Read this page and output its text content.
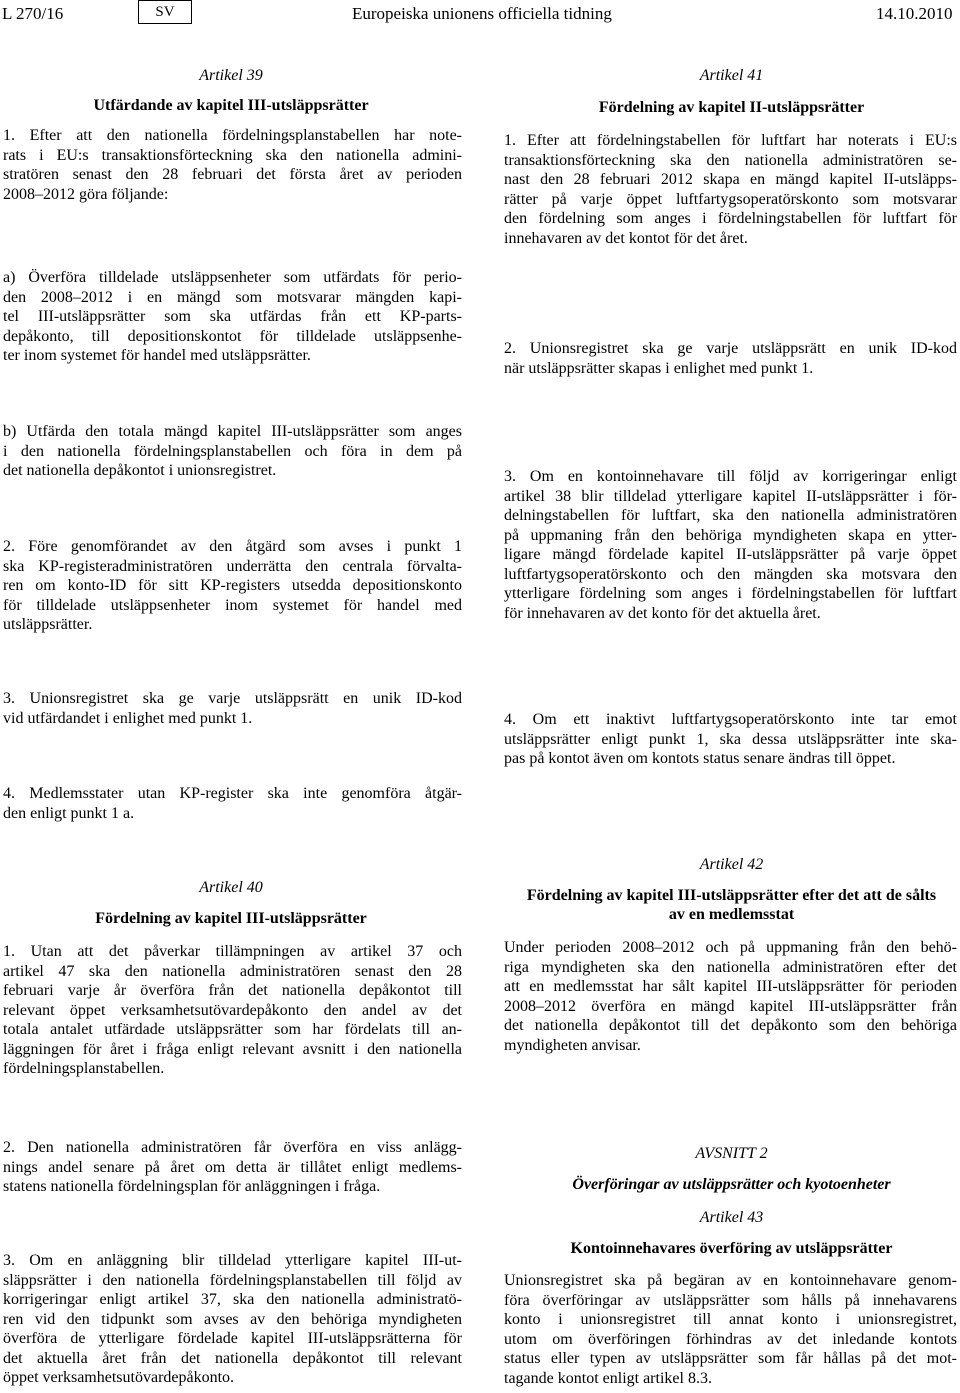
L 270/16	SV	Europeiska unionens officiella tidning	14.10.2010
Artikel 39
Utfärdande av kapitel III-utsläppsrätter
1. Efter att den nationella fördelningsplanstabellen har note-
rats i EU:s transaktionsförteckning ska den nationella admini-
stratören senast den 28 februari det första året av perioden
2008–2012 göra följande:
a) Överföra tilldelade utsläppsenheter som utfärdats för perio-
den 2008–2012 i en mängd som motsvarar mängden kapi-
tel III-utsläppsrätter som ska utfärdas från ett KP-parts-
depåkonto, till depositionskontot för tilldelade utsläppsenhe-
ter inom systemet för handel med utsläppsrätter.
b) Utfärda den totala mängd kapitel III-utsläppsrätter som anges
i den nationella fördelningsplanstabellen och föra in dem på
det nationella depåkontot i unionsregistret.
2. Före genomförandet av den åtgärd som avses i punkt 1
ska KP-registeradministratören underrätta den centrala förvalta-
ren om konto-ID för sitt KP-registers utsedda depositionskonto
för tilldelade utsläppsenheter inom systemet för handel med
utsläppsrätter.
3. Unionsregistret ska ge varje utsläppsrätt en unik ID-kod
vid utfärdandet i enlighet med punkt 1.
4. Medlemsstater utan KP-register ska inte genomföra åtgär-
den enligt punkt 1 a.
Artikel 40
Fördelning av kapitel III-utsläppsrätter
1. Utan att det påverkar tillämpningen av artikel 37 och
artikel 47 ska den nationella administratören senast den 28
februari varje år överföra från det nationella depåkontot till
relevant öppet verksamhetsutövardepåkonto den andel av det
totala antalet utfärdade utsläppsrätter som har fördelats till an-
läggningen för året i fråga enligt relevant avsnitt i den nationella
fördelningsplanstabellen.
2. Den nationella administratören får överföra en viss anlägg-
nings andel senare på året om detta är tillåtet enligt medlems-
statens nationella fördelningsplan för anläggningen i fråga.
3. Om en anläggning blir tilldelad ytterligare kapitel III-ut-
släppsrätter i den nationella fördelningsplanstabellen till följd av
korrigeringar enligt artikel 37, ska den nationella administratö-
ren vid den tidpunkt som avses av den behöriga myndigheten
överföra de ytterligare fördelade kapitel III-utsläppsrätterna för
det aktuella året från det nationella depåkontot till relevant
öppet verksamhetsutövardepåkonto.
Artikel 41
Fördelning av kapitel II-utsläppsrätter
1. Efter att fördelningstabellen för luftfart har noterats i EU:s
transaktionsförteckning ska den nationella administratören se-
nast den 28 februari 2012 skapa en mängd kapitel II-utsläpps-
rätter på varje öppet luftfartygsoperatörskonto som motsvarar
den fördelning som anges i fördelningstabellen för luftfart för
innehavaren av det kontot för det året.
2. Unionsregistret ska ge varje utsläppsrätt en unik ID-kod
när utsläppsrätter skapas i enlighet med punkt 1.
3. Om en kontoinnehavare till följd av korrigeringar enligt
artikel 38 blir tilldelad ytterligare kapitel II-utsläppsrätter i för-
delningstabellen för luftfart, ska den nationella administratören
på uppmaning från den behöriga myndigheten skapa en ytter-
ligare mängd fördelade kapitel II-utsläppsrätter på varje öppet
luftfartygsoperatörskonto och den mängden ska motsvara den
ytterligare fördelning som anges i fördelningstabellen för luftfart
för innehavaren av det konto för det aktuella året.
4. Om ett inaktivt luftfartygsoperatörskonto inte tar emot
utsläppsrätter enligt punkt 1, ska dessa utsläppsrätter inte ska-
pas på kontot även om kontots status senare ändras till öppet.
Artikel 42
Fördelning av kapitel III-utsläppsrätter efter det att de sålts
av en medlemsstat
Under perioden 2008–2012 och på uppmaning från den behö-
riga myndigheten ska den nationella administratören efter det
att en medlemsstat har sålt kapitel III-utsläppsrätter för perioden
2008–2012 överföra en mängd kapitel III-utsläppsrätter från
det nationella depåkontot till det depåkonto som den behöriga
myndigheten anvisar.
AVSNITT 2
Överföringar av utsläppsrätter och kyotoenheter
Artikel 43
Kontoinnehavares överföring av utsläppsrätter
Unionsregistret ska på begäran av en kontoinnehavare genom-
föra överföringar av utsläppsrätter som hålls på innehavarens
konto i unionsregistret till annat konto i unionsregistret,
utom om överföringen förhindras av det inledande kontots
status eller typen av utsläppsrätter som får hållas på det mot-
tagande kontot enligt artikel 8.3.
